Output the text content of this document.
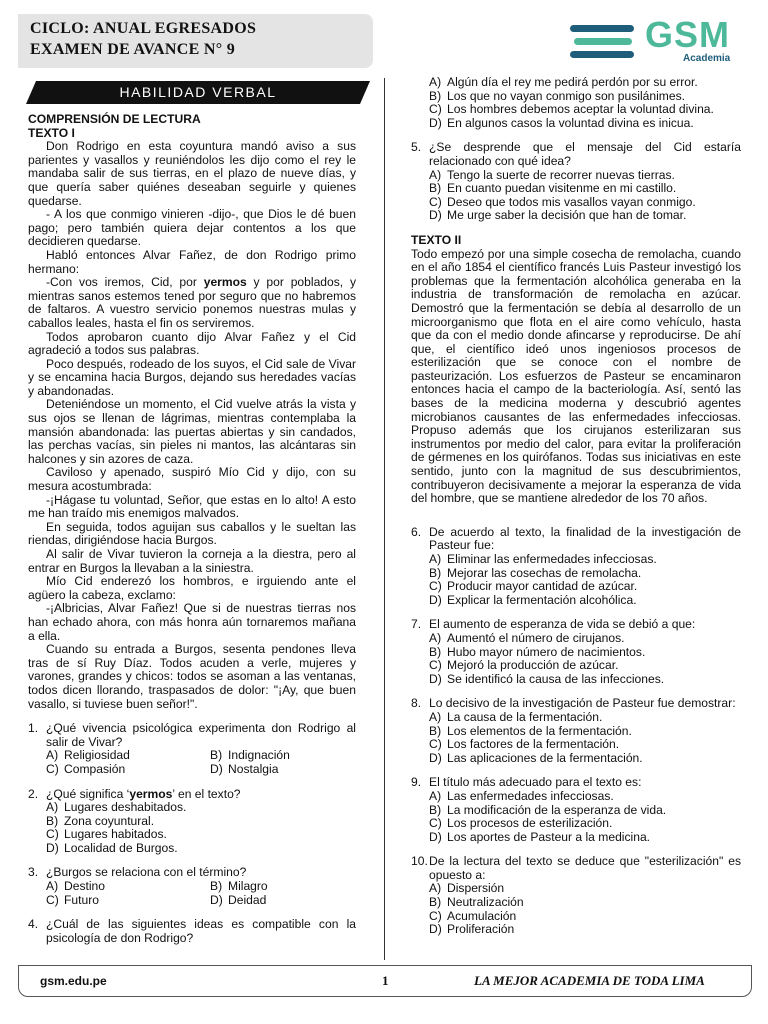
CICLO: ANUAL EGRESADOS
EXAMEN DE AVANCE N° 9	GSM
Academia
HABILIDAD VERBAL
COMPRENSIÓN DE LECTURA
TEXTO I

Don Rodrigo en esta coyuntura mandó aviso a sus parientes y vasallos y reuniéndolos les dijo como el rey le mandaba salir de sus tierras, en el plazo de nueve días, y que quería saber quiénes deseaban seguirle y quienes quedarse.

- A los que conmigo vinieren -dijo-, que Dios le dé buen pago; pero también quiera dejar contentos a los que decidieren quedarse.

Habló entonces Alvar Fañez, de don Rodrigo primo hermano:

-Con vos iremos, Cid, por yermos y por poblados, y mientras sanos estemos tened por seguro que no habremos de faltaros. A vuestro servicio ponemos nuestras mulas y caballos leales, hasta el fin os serviremos.

Todos aprobaron cuanto dijo Alvar Fañez y el Cid agradeció a todos sus palabras.

Poco después, rodeado de los suyos, el Cid sale de Vivar y se encamina hacia Burgos, dejando sus heredades vacías y abandonadas.

Deteniéndose un momento, el Cid vuelve atrás la vista y sus ojos se llenan de lágrimas, mientras contemplaba la mansión abandonada: las puertas abiertas y sin candados, las perchas vacías, sin pieles ni mantos, las alcántaras sin halcones y sin azores de caza.

Caviloso y apenado, suspiró Mío Cid y dijo, con su mesura acostumbrada:

-¡Hágase tu voluntad, Señor, que estas en lo alto! A esto me han traído mis enemigos malvados.

En seguida, todos aguijan sus caballos y le sueltan las riendas, dirigiéndose hacia Burgos.

Al salir de Vivar tuvieron la corneja a la diestra, pero al entrar en Burgos la llevaban a la siniestra.

Mío Cid enderezó los hombros, e irguiendo ante el agüero la cabeza, exclamo:

-¡Albricias, Alvar Fañez! Que si de nuestras tierras nos han echado ahora, con más honra aún tornaremos mañana a ella.

Cuando su entrada a Burgos, sesenta pendones lleva tras de sí Ruy Díaz. Todos acuden a verle, mujeres y varones, grandes y chicos: todos se asoman a las ventanas, todos dicen llorando, traspasados de dolor: "¡Ay, que buen vasallo, si tuviese buen señor!".

1. ¿Qué vivencia psicológica experimenta don Rodrigo al salir de Vivar?
A) Religiosidad	B) Indignación
C) Compasión	D) Nostalgia
2. ¿Qué significa ‘yermos’ en el texto?
A) Lugares deshabitados.
B) Zona coyuntural.
C) Lugares habitados.
D) Localidad de Burgos.
3. ¿Burgos se relaciona con el término?
A) Destino	B) Milagro
C) Futuro	D) Deidad
4. ¿Cuál de las siguientes ideas es compatible con la psicología de don Rodrigo?
A) Algún día el rey me pedirá perdón por su error.
B) Los que no vayan conmigo son pusilánimes.
C) Los hombres debemos aceptar la voluntad divina.
D) En algunos casos la voluntad divina es inicua.
5. ¿Se desprende que el mensaje del Cid estaría relacionado con qué idea?
A) Tengo la suerte de recorrer nuevas tierras.
B) En cuanto puedan visitenme en mi castillo.
C) Deseo que todos mis vasallos vayan conmigo.
D) Me urge saber la decisión que han de tomar.
TEXTO II

Todo empezó por una simple cosecha de remolacha, cuando en el año 1854 el científico francés Luis Pasteur investigó los problemas que la fermentación alcohólica generaba en la industria de transformación de remolacha en azúcar. Demostró que la fermentación se debía al desarrollo de un microorganismo que flota en el aire como vehículo, hasta que da con el medio donde afincarse y reproducirse. De ahí que, el científico ideó unos ingeniosos procesos de esterilización que se conoce con el nombre de pasteurización. Los esfuerzos de Pasteur se encaminaron entonces hacia el campo de la bacteriología. Así, sentó las bases de la medicina moderna y descubrió agentes microbianos causantes de las enfermedades infecciosas. Propuso además que los cirujanos esterilizaran sus instrumentos por medio del calor, para evitar la proliferación de gérmenes en los quirófanos. Todas sus iniciativas en este sentido, junto con la magnitud de sus descubrimientos, contribuyeron decisivamente a mejorar la esperanza de vida del hombre, que se mantiene alrededor de los 70 años.

6. De acuerdo al texto, la finalidad de la investigación de Pasteur fue:
A) Eliminar las enfermedades infecciosas.
B) Mejorar las cosechas de remolacha.
C) Producir mayor cantidad de azúcar.
D) Explicar la fermentación alcohólica.
7. El aumento de esperanza de vida se debió a que:
A) Aumentó el número de cirujanos.
B) Hubo mayor número de nacimientos.
C) Mejoró la producción de azúcar.
D) Se identificó la causa de las infecciones.
8. Lo decisivo de la investigación de Pasteur fue demostrar:
A) La causa de la fermentación.
B) Los elementos de la fermentación.
C) Los factores de la fermentación.
D) Las aplicaciones de la fermentación.
9. El título más adecuado para el texto es:
A) Las enfermedades infecciosas.
B) La modificación de la esperanza de vida.
C) Los procesos de esterilización.
D) Los aportes de Pasteur a la medicina.
10. De la lectura del texto se deduce que "esterilización" es opuesto a:
A) Dispersión
B) Neutralización
C) Acumulación
D) Proliferación
gsm.edu.pe	1	LA MEJOR ACADEMIA DE TODA LIMA
